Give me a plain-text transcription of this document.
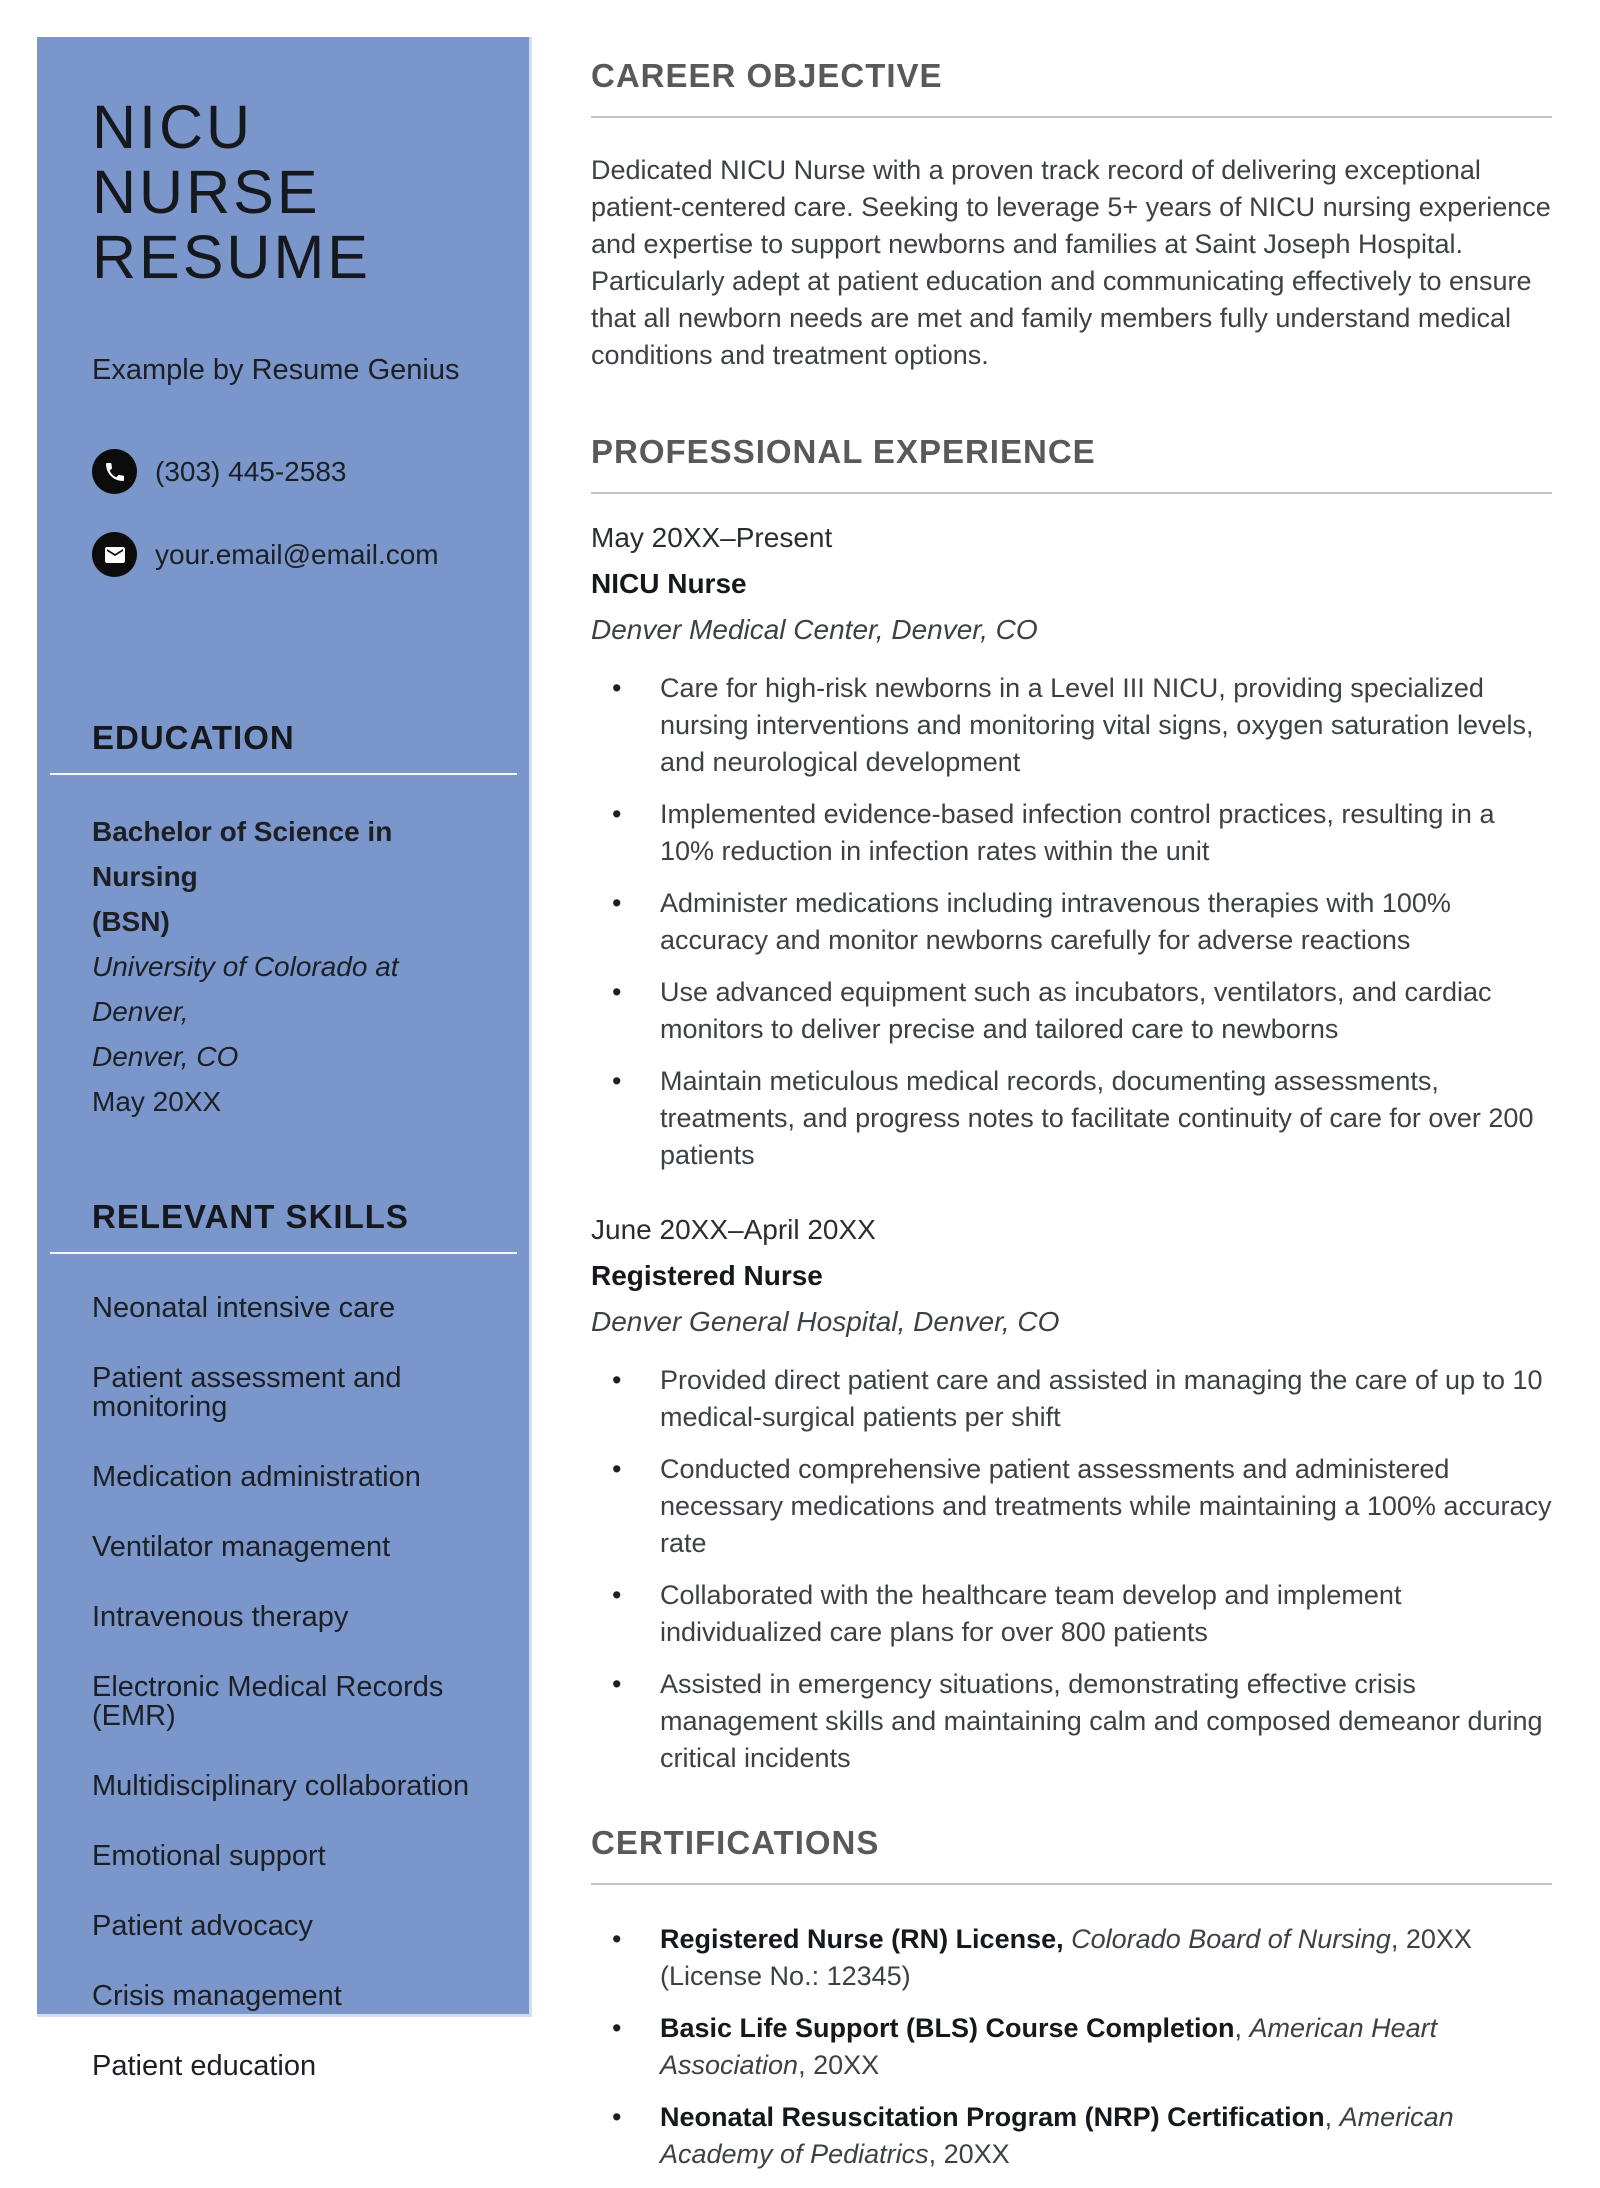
NICU NURSE
RESUME
Example by Resume Genius
(303) 445-2583
your.email@email.com
EDUCATION
Bachelor of Science in Nursing
(BSN)
University of Colorado at Denver,
Denver, CO
May 20XX
RELEVANT SKILLS
Neonatal intensive care
Patient assessment and monitoring
Medication administration
Ventilator management
Intravenous therapy
Electronic Medical Records (EMR)
Multidisciplinary collaboration
Emotional support
Patient advocacy
Crisis management
Patient education
CAREER OBJECTIVE

Dedicated NICU Nurse with a proven track record of delivering exceptional patient-centered care. Seeking to leverage 5+ years of NICU nursing experience and expertise to support newborns and families at Saint Joseph Hospital. Particularly adept at patient education and communicating effectively to ensure that all newborn needs are met and family members fully understand medical conditions and treatment options.

PROFESSIONAL EXPERIENCE
May 20XX–Present
NICU Nurse
Denver Medical Center, Denver, CO
• Care for high-risk newborns in a Level III NICU, providing specialized nursing interventions and monitoring vital signs, oxygen saturation levels, and neurological development
• Implemented evidence-based infection control practices, resulting in a 10% reduction in infection rates within the unit
• Administer medications including intravenous therapies with 100% accuracy and monitor newborns carefully for adverse reactions
• Use advanced equipment such as incubators, ventilators, and cardiac monitors to deliver precise and tailored care to newborns
• Maintain meticulous medical records, documenting assessments, treatments, and progress notes to facilitate continuity of care for over 200 patients
June 20XX–April 20XX
Registered Nurse
Denver General Hospital, Denver, CO
• Provided direct patient care and assisted in managing the care of up to 10 medical-surgical patients per shift
• Conducted comprehensive patient assessments and administered necessary medications and treatments while maintaining a 100% accuracy rate
• Collaborated with the healthcare team develop and implement individualized care plans for over 800 patients
• Assisted in emergency situations, demonstrating effective crisis management skills and maintaining calm and composed demeanor during critical incidents
CERTIFICATIONS
• Registered Nurse (RN) License, Colorado Board of Nursing, 20XX (License No.: 12345)
• Basic Life Support (BLS) Course Completion, American Heart Association, 20XX
• Neonatal Resuscitation Program (NRP) Certification, American Academy of Pediatrics, 20XX
